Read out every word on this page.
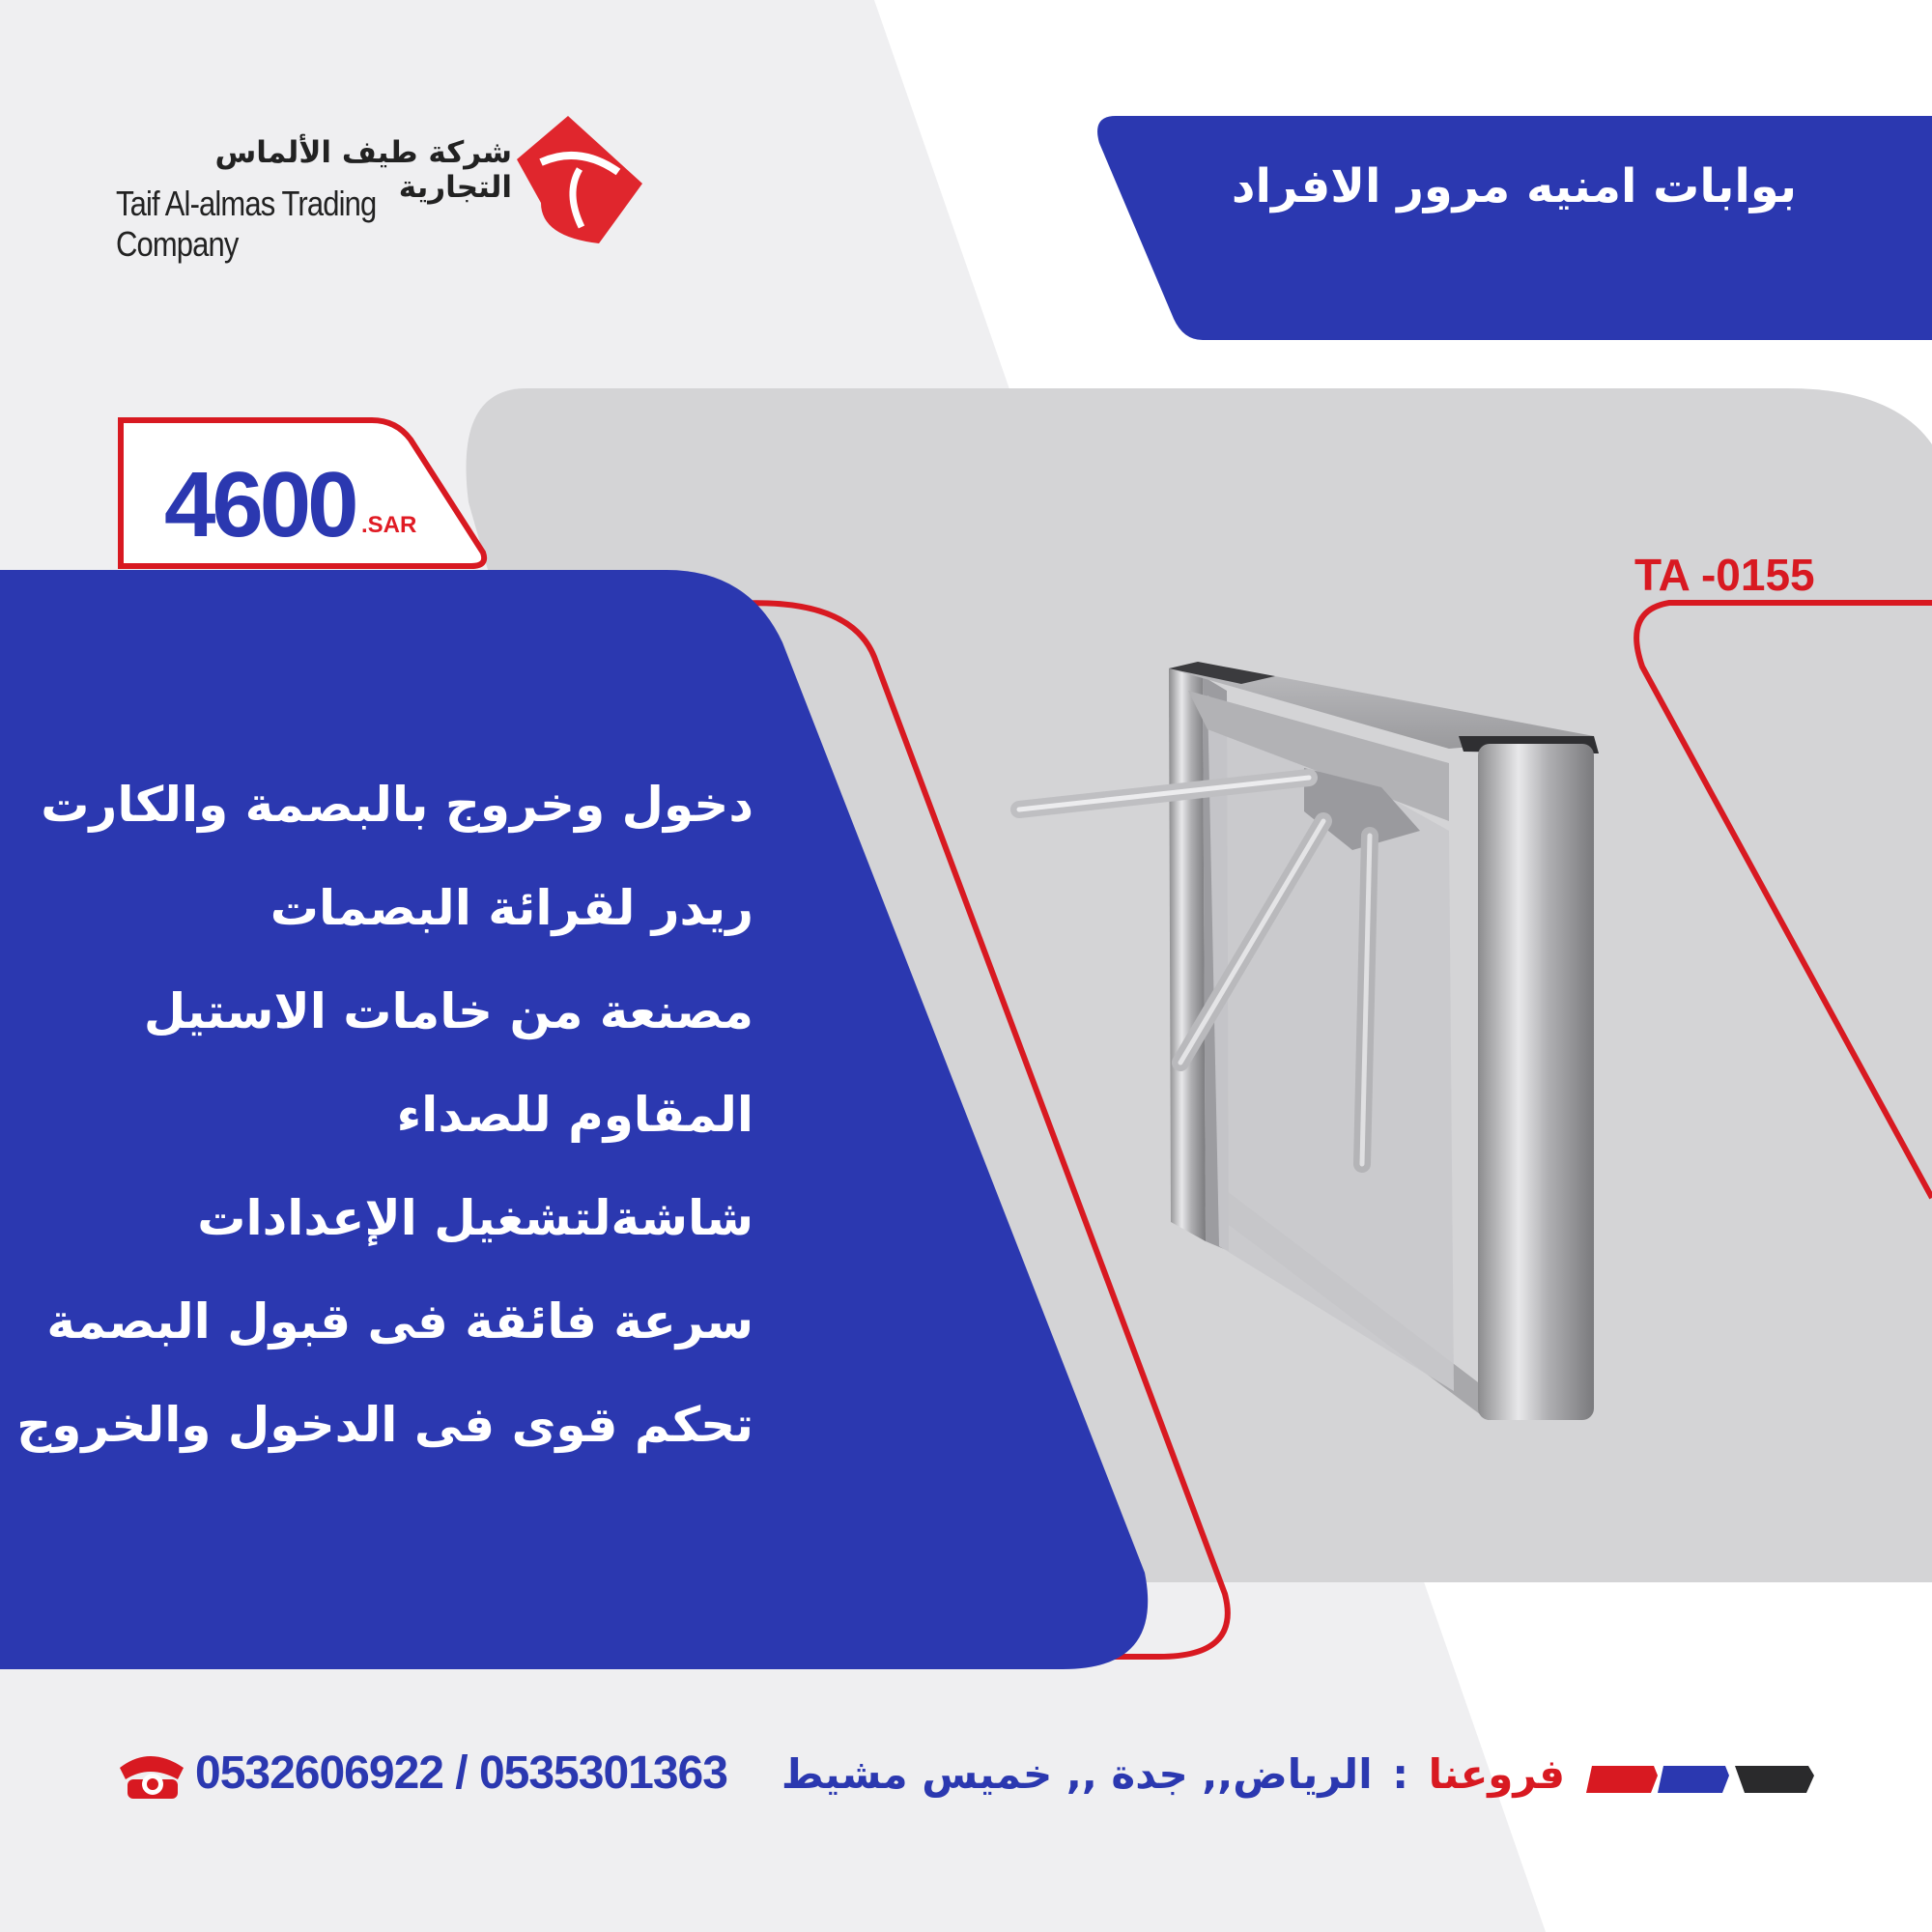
شركة طيف الألماس التجارية
Taif Al-almas Trading Company
بوابات امنيه مرور الافراد
4600 .SAR
TA -0155
دخول وخروج بالبصمة والكارت
ريدر لقرائة البصمات
مصنعة من خامات الاستيل
المقاوم للصداء
شاشةلتشغيل الإعدادات
سرعة فائقة فى قبول البصمة
تحكم قوى فى الدخول والخروج
0532606922 / 0535301363	فروعنا : الرياض,, جدة ,, خميس مشيط
